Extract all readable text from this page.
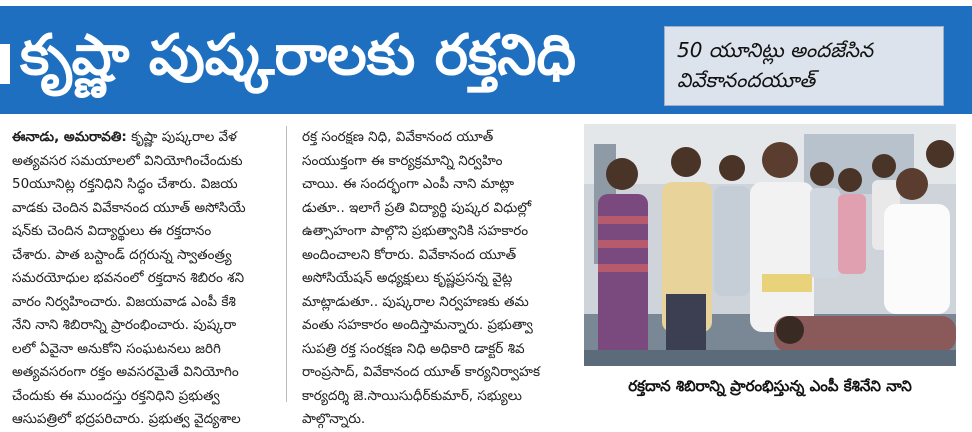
కృష్ణా పుష్కరాలకు రక్తనిధి	50 యూనిట్లు అందజేసిన
వివేకానందయూత్
ఈనాడు, అమరావతి: కృష్ణా పుష్కరాల వేళ
అత్యవసర సమయాలలో వినియోగించేందుకు
50యూనిట్ల రక్తనిధిని సిద్ధం చేశారు. విజయ
వాడకు చెందిన వివేకానంద యూత్ అసోసియే
షన్‌కు చెందిన విద్యార్థులు ఈ రక్తదానం
చేశారు. పాత బస్టాండ్ దగ్గరున్న స్వాతంత్ర్య
సమరయోధుల భవనంలో రక్తదాన శిబిరం శని
వారం నిర్వహించారు. విజయవాడ ఎంపీ కేశి
నేని నాని శిబిరాన్ని ప్రారంభించారు. పుష్కరా
లలో ఏవైనా అనుకోని సంఘటనలు జరిగి
అత్యవసరంగా రక్తం అవసరమైతే వినియోగిం
చేందుకు ఈ ముందస్తు రక్తనిధిని ప్రభుత్వ
ఆసుపత్రిలో భద్రపరిచారు. ప్రభుత్వ వైద్యశాల
రక్త సంరక్షణ నిధి, వివేకానంద యూత్
సంయుక్తంగా ఈ కార్యక్రమాన్ని నిర్వహిం
చాయి. ఈ సందర్భంగా ఎంపీ నాని మాట్లా
డుతూ.. ఇలాగే ప్రతి విద్యార్థి పుష్కర విధుల్లో
ఉత్సాహంగా పాల్గొని ప్రభుత్వానికి సహకారం
అందించాలని కోరారు. వివేకానంద యూత్
అసోసియేషన్ అధ్యక్షులు కృష్ణప్రసన్న వైట్ల
మాట్లాడుతూ.. పుష్కరాల నిర్వహణకు తమ
వంతు సహకారం అందిస్తామన్నారు. ప్రభుత్వా
సుపత్రి రక్త సంరక్షణ నిధి అధికారి డాక్టర్ శివ
రాంప్రసాద్, వివేకానంద యూత్ కార్యనిర్వాహక
కార్యదర్శి జె.సాయిసుధీర్‌కుమార్, సభ్యులు
పాల్గొన్నారు.
రక్తదాన శిబిరాన్ని ప్రారంభిస్తున్న ఎంపీ కేశినేని నాని
